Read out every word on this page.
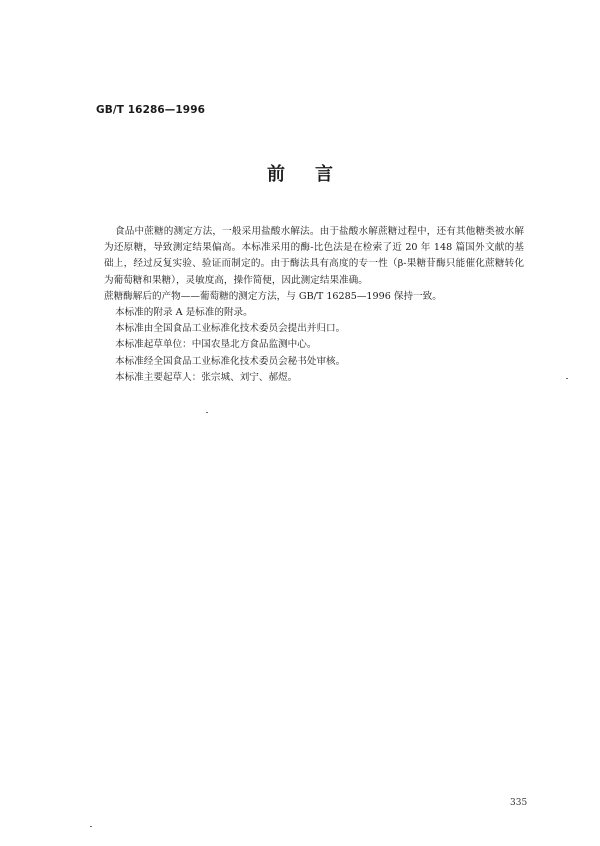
GB/T 16286—1996
前言

食品中蔗糖的测定方法，一般采用盐酸水解法。由于盐酸水解蔗糖过程中，还有其他糖类被水解为还原糖，导致测定结果偏高。本标准采用的酶-比色法是在检索了近 20 年 148 篇国外文献的基础上，经过反复实验、验证而制定的。由于酶法具有高度的专一性（β-果糖苷酶只能催化蔗糖转化为葡萄糖和果糖），灵敏度高，操作简便，因此测定结果准确。

蔗糖酶解后的产物——葡萄糖的测定方法，与 GB/T 16285—1996 保持一致。

本标准的附录 A 是标准的附录。

本标准由全国食品工业标准化技术委员会提出并归口。

本标准起草单位：中国农垦北方食品监测中心。

本标准经全国食品工业标准化技术委员会秘书处审核。

本标准主要起草人：张宗城、刘宁、郝煜。

335
